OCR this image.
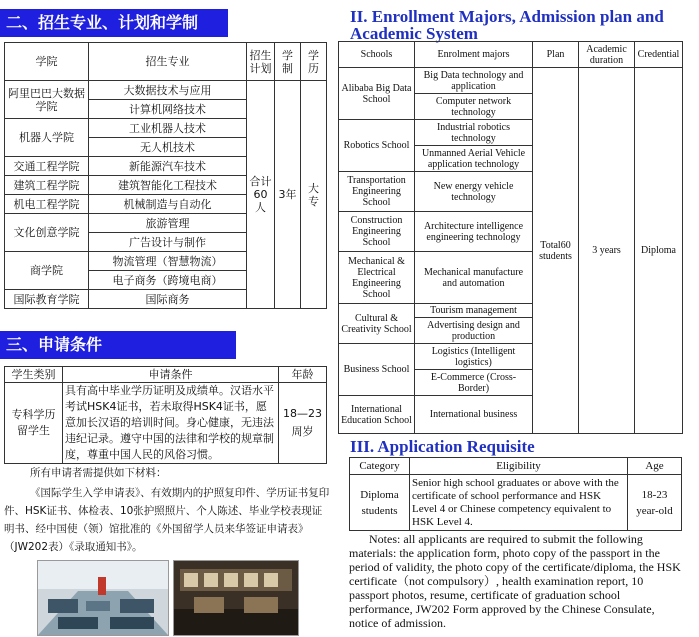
二、招生专业、计划和学制
学院	招生专业	招生计划	学制	学历
阿里巴巴大数据学院	大数据技术与应用	合计60人	3年	大专
	计算机网络技术			
机器人学院	工业机器人技术			
	无人机技术			
交通工程学院	新能源汽车技术			
建筑工程学院	建筑智能化工程技术			
机电工程学院	机械制造与自动化			
文化创意学院	旅游管理			
	广告设计与制作			
商学院	物流管理（智慧物流）			
	电子商务（跨境电商）			
国际教育学院	国际商务			
三、申请条件
学生类别	申请条件	年龄
专科学历留学生	具有高中毕业学历证明及成绩单。汉语水平考试HSK4证书，若未取得HSK4证书，愿意加长汉语的培训时间。身心健康，无违法违纪记录。遵守中国的法律和学校的规章制度，尊重中国人民的风俗习惯。	18—23周岁
所有申请者需提供如下材料：
《国际学生入学申请表》、有效期内的护照复印件、学历证书复印件、HSK证书、体检表、10张护照照片、个人陈述、毕业学校表现证明书、经中国使（领）馆批准的《外国留学人员来华签证申请表》（JW202表）《录取通知书》。
II. Enrollment Majors, Admission plan and Academic System
Schools	Enrolment majors	Plan	Academic duration	Credential
Alibaba Big Data School	Big Data technology and application	Total60 students	3 years	Diploma
	Computer network technology			
Robotics School	Industrial robotics technology			
	Unmanned Aerial Vehicle application technology			
Transportation Engineering School	New energy vehicle technology			
Construction Engineering School	Architecture intelligence engineering technology			
Mechanical & Electrical Engineering School	Mechanical manufacture and automation			
Cultural & Creativity School	Tourism management			
	Advertising design and production			
Business School	Logistics (Intelligent logistics)			
	E-Commerce (Cross-Border)			
International Education School	International business			
III. Application Requisite
Category	Eligibility	Age
Diploma students	Senior high school graduates or above with the certificate of school performance and HSK Level 4 or Chinese competency equivalent to HSK Level 4.	18-23 year-old
Notes: all applicants are required to submit the following materials: the application form, photo copy of the passport in the period of validity, the photo copy of the certificate/diploma, the HSK certificate（not compulsory）, health examination report, 10 passport photos, resume, certificate of graduation school performance, JW202 Form approved by the Chinese Consulate, notice of admission.
